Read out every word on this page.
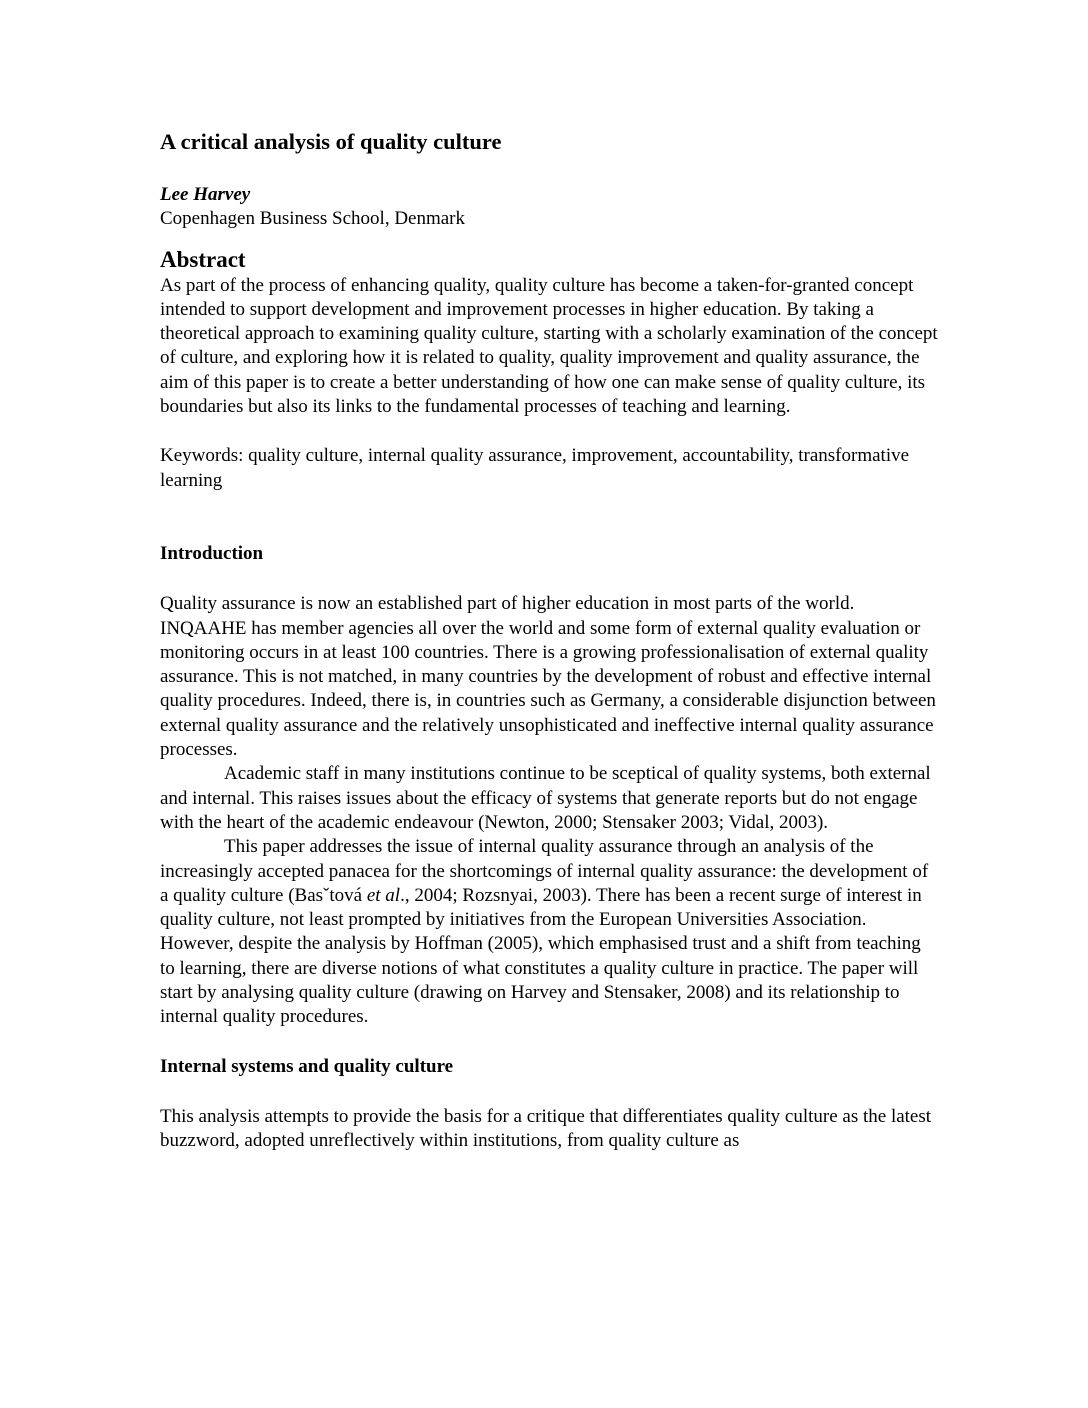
A critical analysis of quality culture
Lee Harvey
Copenhagen Business School, Denmark
Abstract

As part of the process of enhancing quality, quality culture has become a taken-for-granted concept intended to support development and improvement processes in higher education. By taking a theoretical approach to examining quality culture, starting with a scholarly examination of the concept of culture, and exploring how it is related to quality, quality improvement and quality assurance, the aim of this paper is to create a better understanding of how one can make sense of quality culture, its boundaries but also its links to the fundamental processes of teaching and learning.

Keywords: quality culture, internal quality assurance, improvement, accountability, transformative learning

Introduction

Quality assurance is now an established part of higher education in most parts of the world. INQAAHE has member agencies all over the world and some form of external quality evaluation or monitoring occurs in at least 100 countries. There is a growing professionalisation of external quality assurance. This is not matched, in many countries by the development of robust and effective internal quality procedures. Indeed, there is, in countries such as Germany, a considerable disjunction between external quality assurance and the relatively unsophisticated and ineffective internal quality assurance processes.

Academic staff in many institutions continue to be sceptical of quality systems, both external and internal. This raises issues about the efficacy of systems that generate reports but do not engage with the heart of the academic endeavour (Newton, 2000; Stensaker 2003; Vidal, 2003).

This paper addresses the issue of internal quality assurance through an analysis of the increasingly accepted panacea for the shortcomings of internal quality assurance: the development of a quality culture (Basˇtová et al., 2004; Rozsnyai, 2003). There has been a recent surge of interest in quality culture, not least prompted by initiatives from the European Universities Association. However, despite the analysis by Hoffman (2005), which emphasised trust and a shift from teaching to learning, there are diverse notions of what constitutes a quality culture in practice. The paper will start by analysing quality culture (drawing on Harvey and Stensaker, 2008) and its relationship to internal quality procedures.

Internal systems and quality culture

This analysis attempts to provide the basis for a critique that differentiates quality culture as the latest buzzword, adopted unreflectively within institutions, from quality culture as
